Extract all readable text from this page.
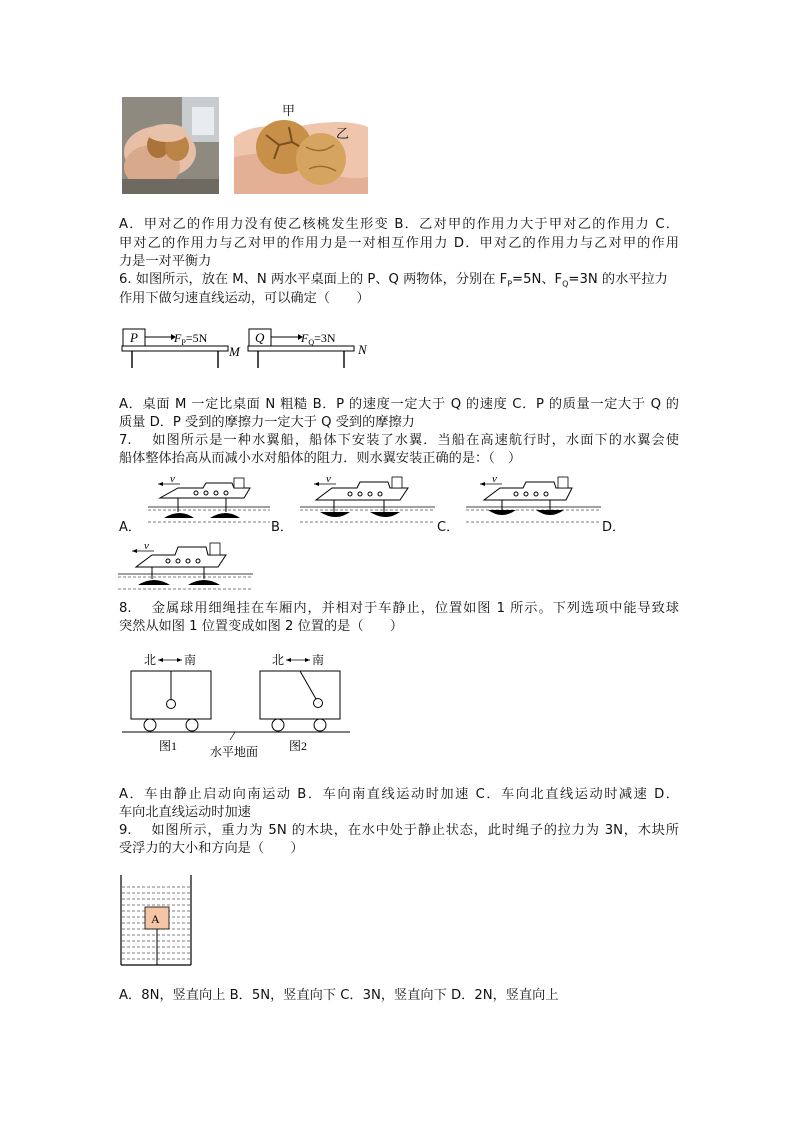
甲
乙
A．甲对乙的作用力没有使乙核桃发生形变 B．乙对甲的作用力大于甲对乙的作用力 C．
甲对乙的作用力与乙对甲的作用力是一对相互作用力 D．甲对乙的作用力与乙对甲的作用
力是一对平衡力
6. 如图所示，放在 M、N 两水平桌面上的 P、Q 两物体，分别在 $F_P=5N$、$F_Q=3N$ 的水平拉力
作用下做匀速直线运动，可以确定（　　）
P	$F_P=5N$
M
Q	$F_Q=3N$
N
A．桌面 M 一定比桌面 N 粗糙 B．P 的速度一定大于 Q 的速度 C．P 的质量一定大于 Q 的
质量 D．P 受到的摩擦力一定大于 Q 受到的摩擦力
7.　 如图所示是一种水翼船，船体下安装了水翼．当船在高速航行时，水面下的水翼会使
船体整体抬高从而减小水对船体的阻力．则水翼安装正确的是：（　）
v	v	v
v
A．	B．	C．	D．
8.　 金属球用细绳挂在车厢内，并相对于车静止，位置如图 1 所示。下列选项中能导致球
突然从如图 1 位置变成如图 2 位置的是（　　）
北 南	北 南
图1	图2
水平地面
A．车由静止启动向南运动 B．车向南直线运动时加速 C．车向北直线运动时减速 D．
车向北直线运动时加速
9.　 如图所示，重力为 5N 的木块，在水中处于静止状态，此时绳子的拉力为 3N，木块所
受浮力的大小和方向是（　　）
A
A．8N，竖直向上 B．5N，竖直向下 C．3N，竖直向下 D．2N，竖直向上
